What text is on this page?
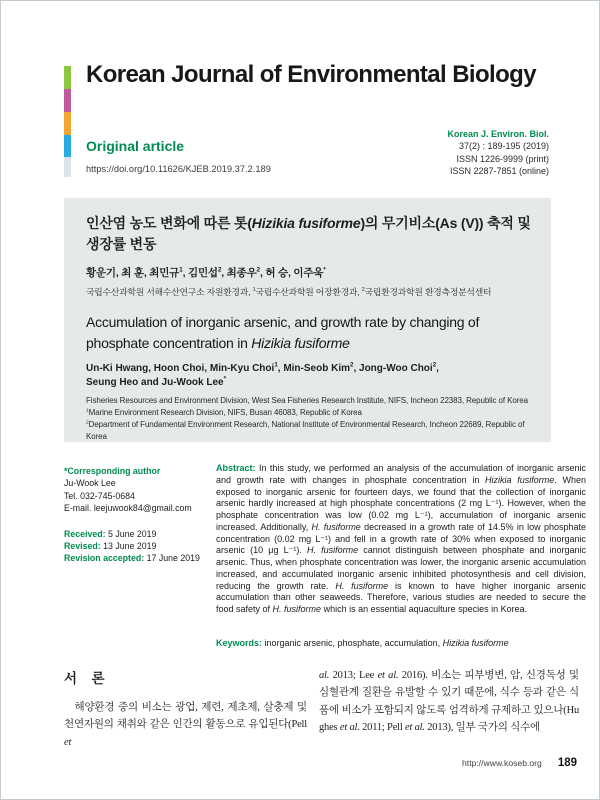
Korean Journal of Environmental Biology
Original article
https://doi.org/10.11626/KJEB.2019.37.2.189
Korean J. Environ. Biol.
37(2) : 189-195 (2019)
ISSN 1226-9999 (print)
ISSN 2287-7851 (online)
인산염 농도 변화에 따른 톳(Hizikia fusiforme)의 무기비소(As (V)) 축적 및 생장률 변동
황운기, 최 훈, 최민규$^1$, 김민섭$^2$, 최종우$^2$, 허 승, 이주욱*
국립수산과학원 서해수산연구소 자원환경과, $^1$국립수산과학원 어장환경과, $^2$국립환경과학원 환경측정분석센터
Accumulation of inorganic arsenic, and growth rate by changing of phosphate concentration in Hizikia fusiforme
Un-Ki Hwang, Hoon Choi, Min-Kyu Choi$^1$, Min-Seob Kim$^2$, Jong-Woo Choi$^2$,
Seung Heo and Ju-Wook Lee*
Fisheries Resources and Environment Division, West Sea Fisheries Research Institute, NIFS, Incheon 22383, Republic of Korea
$^1$Marine Environment Research Division, NIFS, Busan 46083, Republic of Korea
$^2$Department of Fundamental Environment Research, National Institute of Environmental Research, Incheon 22689, Republic of Korea
*Corresponding author
Ju-Wook Lee
Tel. 032-745-0684
E-mail. leejuwook84@gmail.com
Received: 5 June 2019
Revised: 13 June 2019
Revision accepted: 17 June 2019
Abstract: In this study, we performed an analysis of the accumulation of inorganic arsenic and growth rate with changes in phosphate concentration in Hizikia fusiforme. When exposed to inorganic arsenic for fourteen days, we found that the collection of inorganic arsenic hardly increased at high phosphate concentrations (2 mg L⁻¹). However, when the phosphate concentration was low (0.02 mg L⁻¹), accumulation of inorganic arsenic increased. Additionally, H. fusiforme decreased in a growth rate of 14.5% in low phosphate concentration (0.02 mg L⁻¹) and fell in a growth rate of 30% when exposed to inorganic arsenic (10 μg L⁻¹). H. fusiforme cannot distinguish between phosphate and inorganic arsenic. Thus, when phosphate concentration was lower, the inorganic arsenic accumulation increased, and accumulated inorganic arsenic inhibited photosynthesis and cell division, reducing the growth rate. H. fusiforme is known to have higher inorganic arsenic accumulation than other seaweeds. Therefore, various studies are needed to secure the food safety of H. fusiforme which is an essential aquaculture species in Korea.
Keywords: inorganic arsenic, phosphate, accumulation, Hizikia fusiforme
서 론
해양환경 중의 비소는 광업, 제련, 제초제, 살충제 및 천연자원의 채취와 같은 인간의 활동으로 유입된다(Pell et
al. 2013; Lee et al. 2016). 비소는 피부병변, 암, 신경독성 및 심혈관계 질환을 유발할 수 있기 때문에, 식수 등과 같은 식품에 비소가 포함되지 않도록 엄격하게 규제하고 있으나(Hughes et al. 2011; Pell et al. 2013), 일부 국가의 식수에
http://www.koseb.org 189
